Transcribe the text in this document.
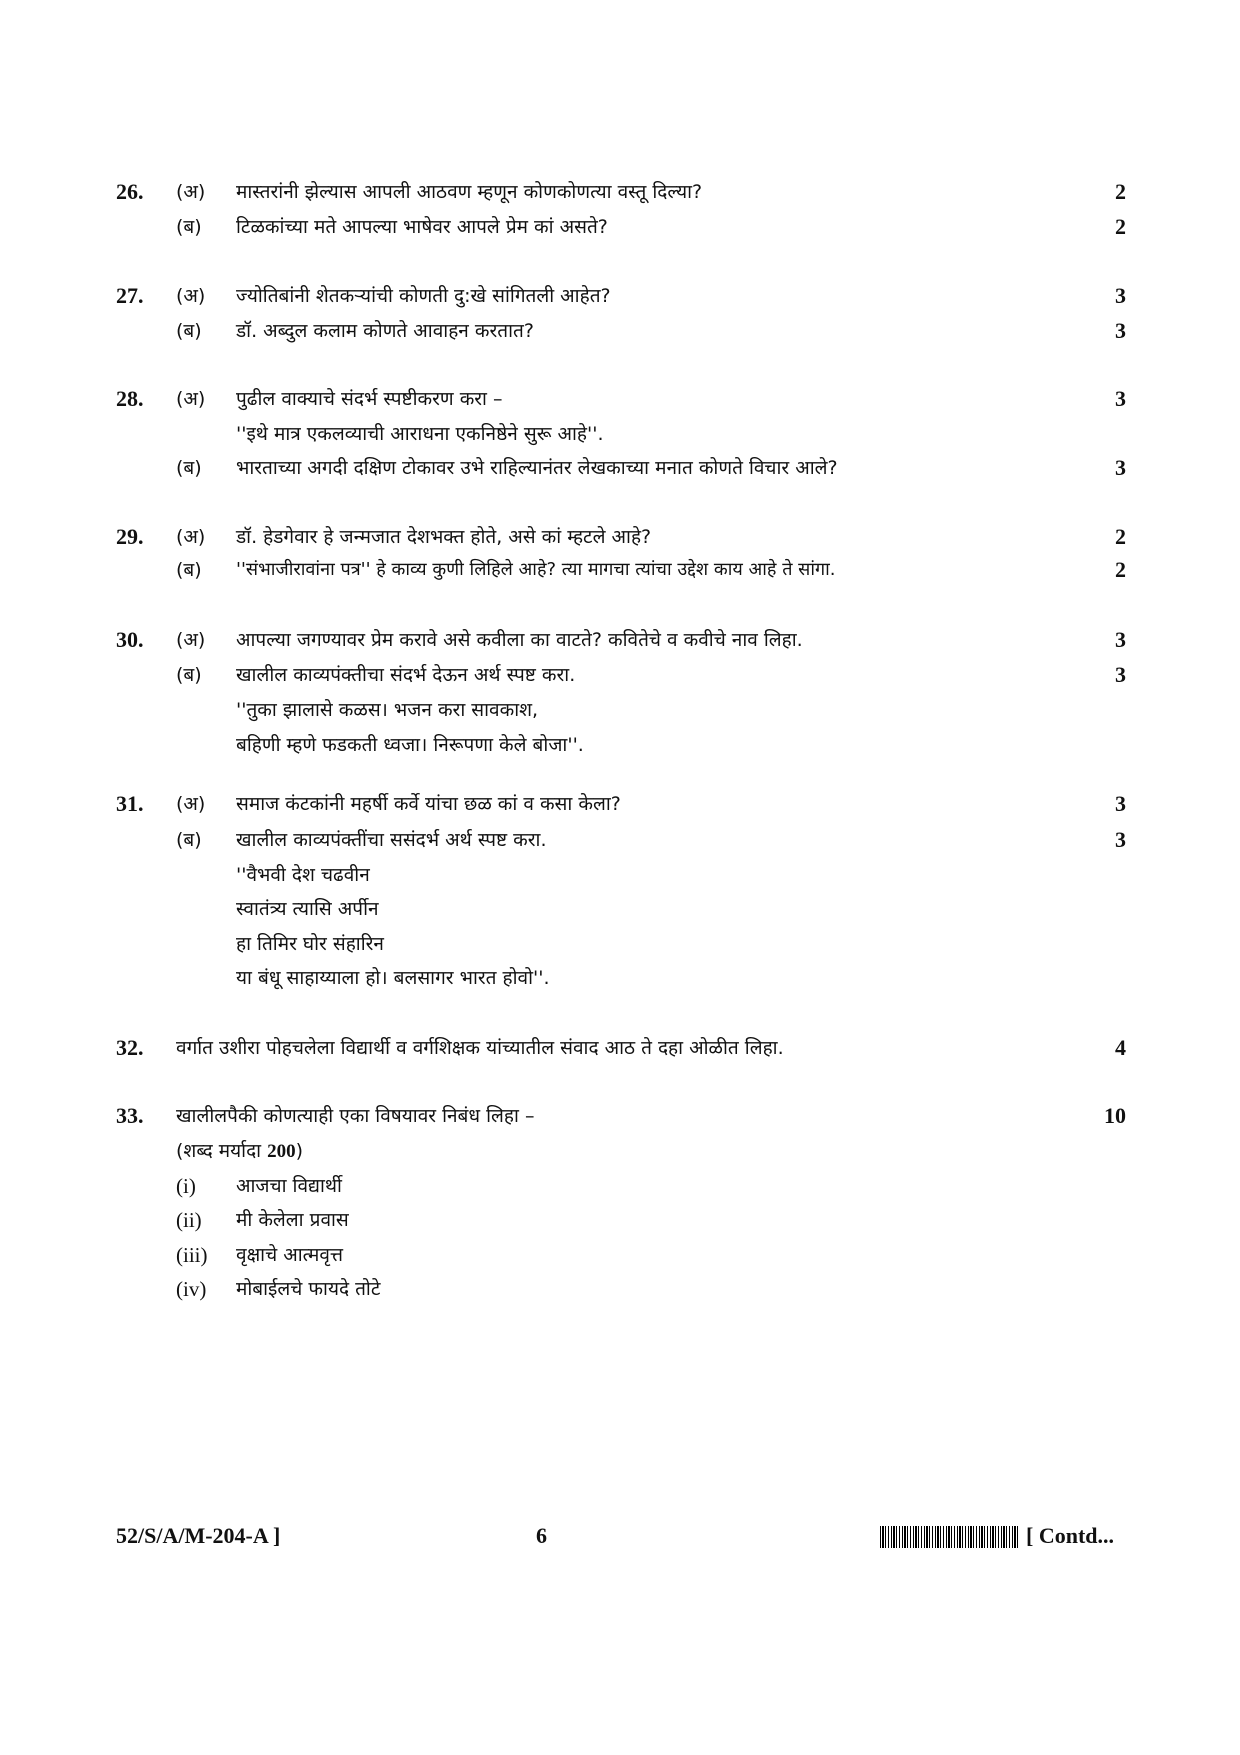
26. (अ) मास्तरांनी झेल्यास आपली आठवण म्हणून कोणकोणत्या वस्तू दिल्या?	2
(ब) टिळकांच्या मते आपल्या भाषेवर आपले प्रेम कां असते?	2
27. (अ) ज्योतिबांनी शेतकऱ्यांची कोणती दु:खे सांगितली आहेत?	3
(ब) डॉ. अब्दुल कलाम कोणते आवाहन करतात?	3
28. (अ) पुढील वाक्याचे संदर्भ स्पष्टीकरण करा –	3
''इथे मात्र एकलव्याची आराधना एकनिष्ठेने सुरू आहे''.
(ब) भारताच्या अगदी दक्षिण टोकावर उभे राहिल्यानंतर लेखकाच्या मनात कोणते विचार आले?	3
29. (अ) डॉ. हेडगेवार हे जन्मजात देशभक्त होते, असे कां म्हटले आहे?	2
(ब) ''संभाजीरावांना पत्र'' हे काव्य कुणी लिहिले आहे? त्या मागचा त्यांचा उद्देश काय आहे ते सांगा.	2
30. (अ) आपल्या जगण्यावर प्रेम करावे असे कवीला का वाटते? कवितेचे व कवीचे नाव लिहा.	3
(ब) खालील काव्यपंक्तीचा संदर्भ देऊन अर्थ स्पष्ट करा.	3
''तुका झालासे कळस। भजन करा सावकाश,
बहिणी म्हणे फडकती ध्वजा। निरूपणा केले बोजा''.
31. (अ) समाज कंटकांनी महर्षी कर्वे यांचा छळ कां व कसा केला?	3
(ब) खालील काव्यपंक्तींचा ससंदर्भ अर्थ स्पष्ट करा.	3
''वैभवी देश चढवीन
स्वातंत्र्य त्यासि अर्पीन
हा तिमिर घोर संहारिन
या बंधू साहाय्याला हो। बलसागर भारत होवो''.
32. वर्गात उशीरा पोहचलेला विद्यार्थी व वर्गशिक्षक यांच्यातील संवाद आठ ते दहा ओळीत लिहा.	4
33. खालीलपैकी कोणत्याही एका विषयावर निबंध लिहा –	10
(शब्द मर्यादा 200)
(i) आजचा विद्यार्थी
(ii) मी केलेला प्रवास
(iii) वृक्षाचे आत्मवृत्त
(iv) मोबाईलचे फायदे तोटे
52/S/A/M-204-A ]	6	[ Contd...
